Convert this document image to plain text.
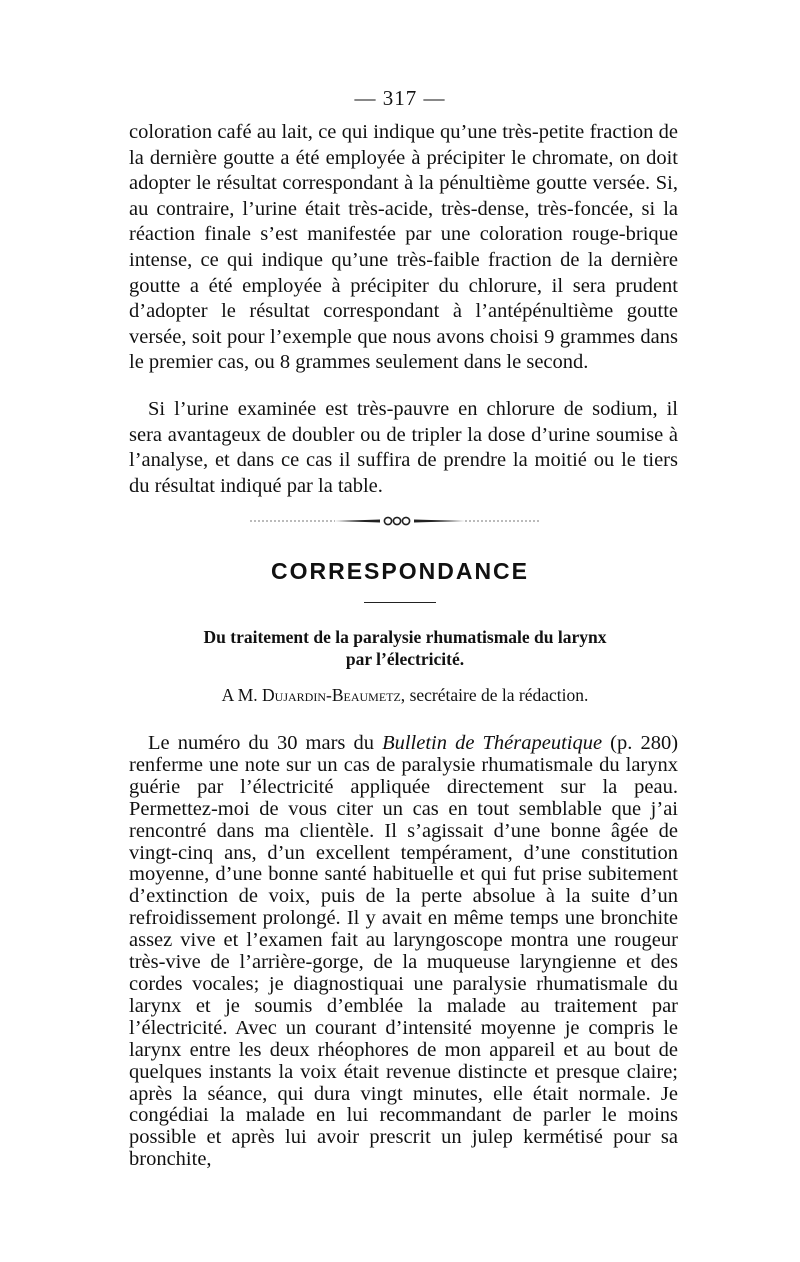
— 317 —
coloration café au lait, ce qui indique qu’une très-petite fraction de la dernière goutte a été employée à précipiter le chromate, on doit adopter le résultat correspondant à la pénultième goutte versée. Si, au contraire, l’urine était très-acide, très-dense, très-foncée, si la réaction finale s’est manifestée par une coloration rouge-brique intense, ce qui indique qu’une très-faible fraction de la dernière goutte a été employée à précipiter du chlorure, il sera prudent d’adopter le résultat correspondant à l’antépénultième goutte versée, soit pour l’exemple que nous avons choisi 9 grammes dans le premier cas, ou 8 grammes seulement dans le second.
Si l’urine examinée est très-pauvre en chlorure de sodium, il sera avantageux de doubler ou de tripler la dose d’urine soumise à l’analyse, et dans ce cas il suffira de prendre la moitié ou le tiers du résultat indiqué par la table.
CORRESPONDANCE
Du traitement de la paralysie rhumatismale du larynx
par l’électricité.
A M. Dujardin-Beaumetz, secrétaire de la rédaction.
Le numéro du 30 mars du Bulletin de Thérapeutique (p. 280) renferme une note sur un cas de paralysie rhumatismale du larynx guérie par l’électricité appliquée directement sur la peau. Permettez-moi de vous citer un cas en tout semblable que j’ai rencontré dans ma clientèle. Il s’agissait d’une bonne âgée de vingt-cinq ans, d’un excellent tempérament, d’une constitution moyenne, d’une bonne santé habituelle et qui fut prise subitement d’extinction de voix, puis de la perte absolue à la suite d’un refroidissement prolongé. Il y avait en même temps une bronchite assez vive et l’examen fait au laryngoscope montra une rougeur très-vive de l’arrière-gorge, de la muqueuse laryngienne et des cordes vocales; je diagnostiquai une paralysie rhumatismale du larynx et je soumis d’emblée la malade au traitement par l’électricité. Avec un courant d’intensité moyenne je compris le larynx entre les deux rhéophores de mon appareil et au bout de quelques instants la voix était revenue distincte et presque claire; après la séance, qui dura vingt minutes, elle était normale. Je congédiai la malade en lui recommandant de parler le moins possible et après lui avoir prescrit un julep kermétisé pour sa bronchite,
